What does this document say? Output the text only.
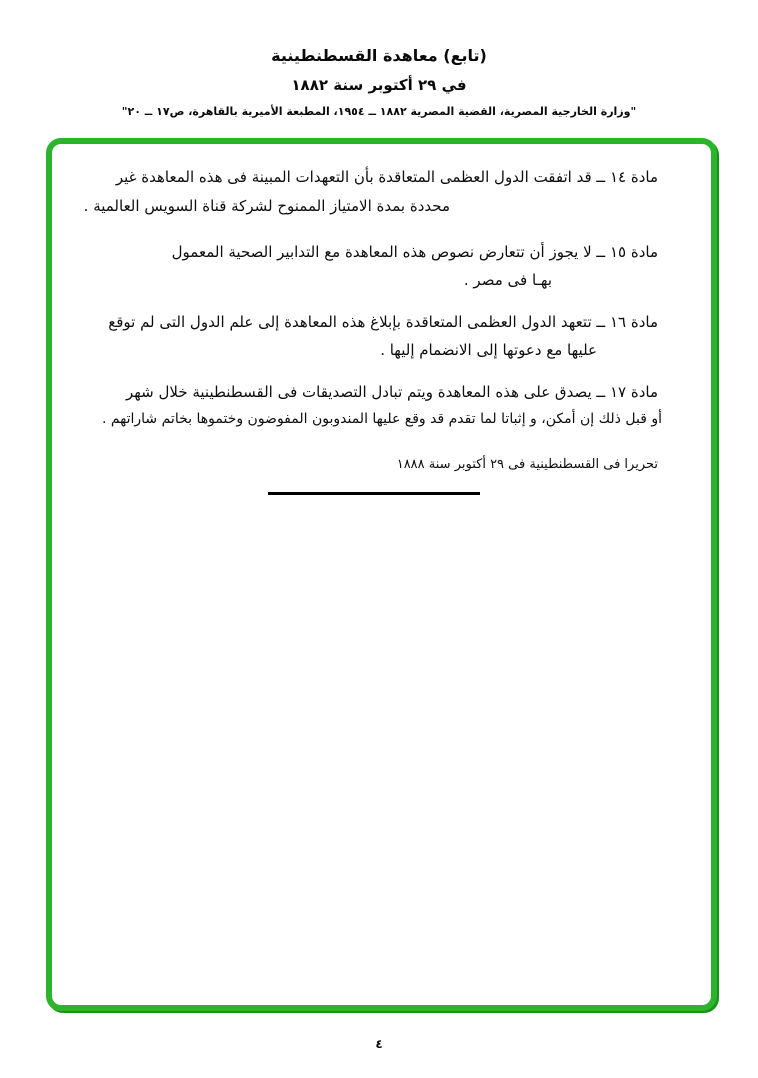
(تابع) معاهدة القسطنطينية
في ٢٩ أكتوبر سنة ١٨٨٢
"وزارة الخارجية المصرية، القضية المصرية ١٨٨٢ ــ ١٩٥٤، المطبعة الأميرية بالقاهرة، ص١٧ ــ ٢٠"
مادة ١٤ ــ قد اتفقت الدول العظمى المتعاقدة بأن التعهدات المبينة فى هذه المعاهدة غير
محددة بمدة الامتياز الممنوح لشركة قناة السويس العالمية .
مادة ١٥ ــ لا يجوز أن تتعارض نصوص هذه المعاهدة مع التدابير الصحية المعمول
بهـا فى مصر .
مادة ١٦ ــ تتعهد الدول العظمى المتعاقدة بإبلاغ هذه المعاهدة إلى علم الدول التى لم توقع
عليها مع دعوتها إلى الانضمام إليها .
مادة ١٧ ــ يصدق على هذه المعاهدة ويتم تبادل التصديقات فى القسطنطينية خلال شهر
أو قبل ذلك إن أمكن، و إثباتا لما تقدم قد وقع عليها المندوبون المفوضون وختموها بخاتم شاراتهم .
تحريرا فى القسطنطينية فى ٢٩ أكتوبر سنة ١٨٨٨
٤
